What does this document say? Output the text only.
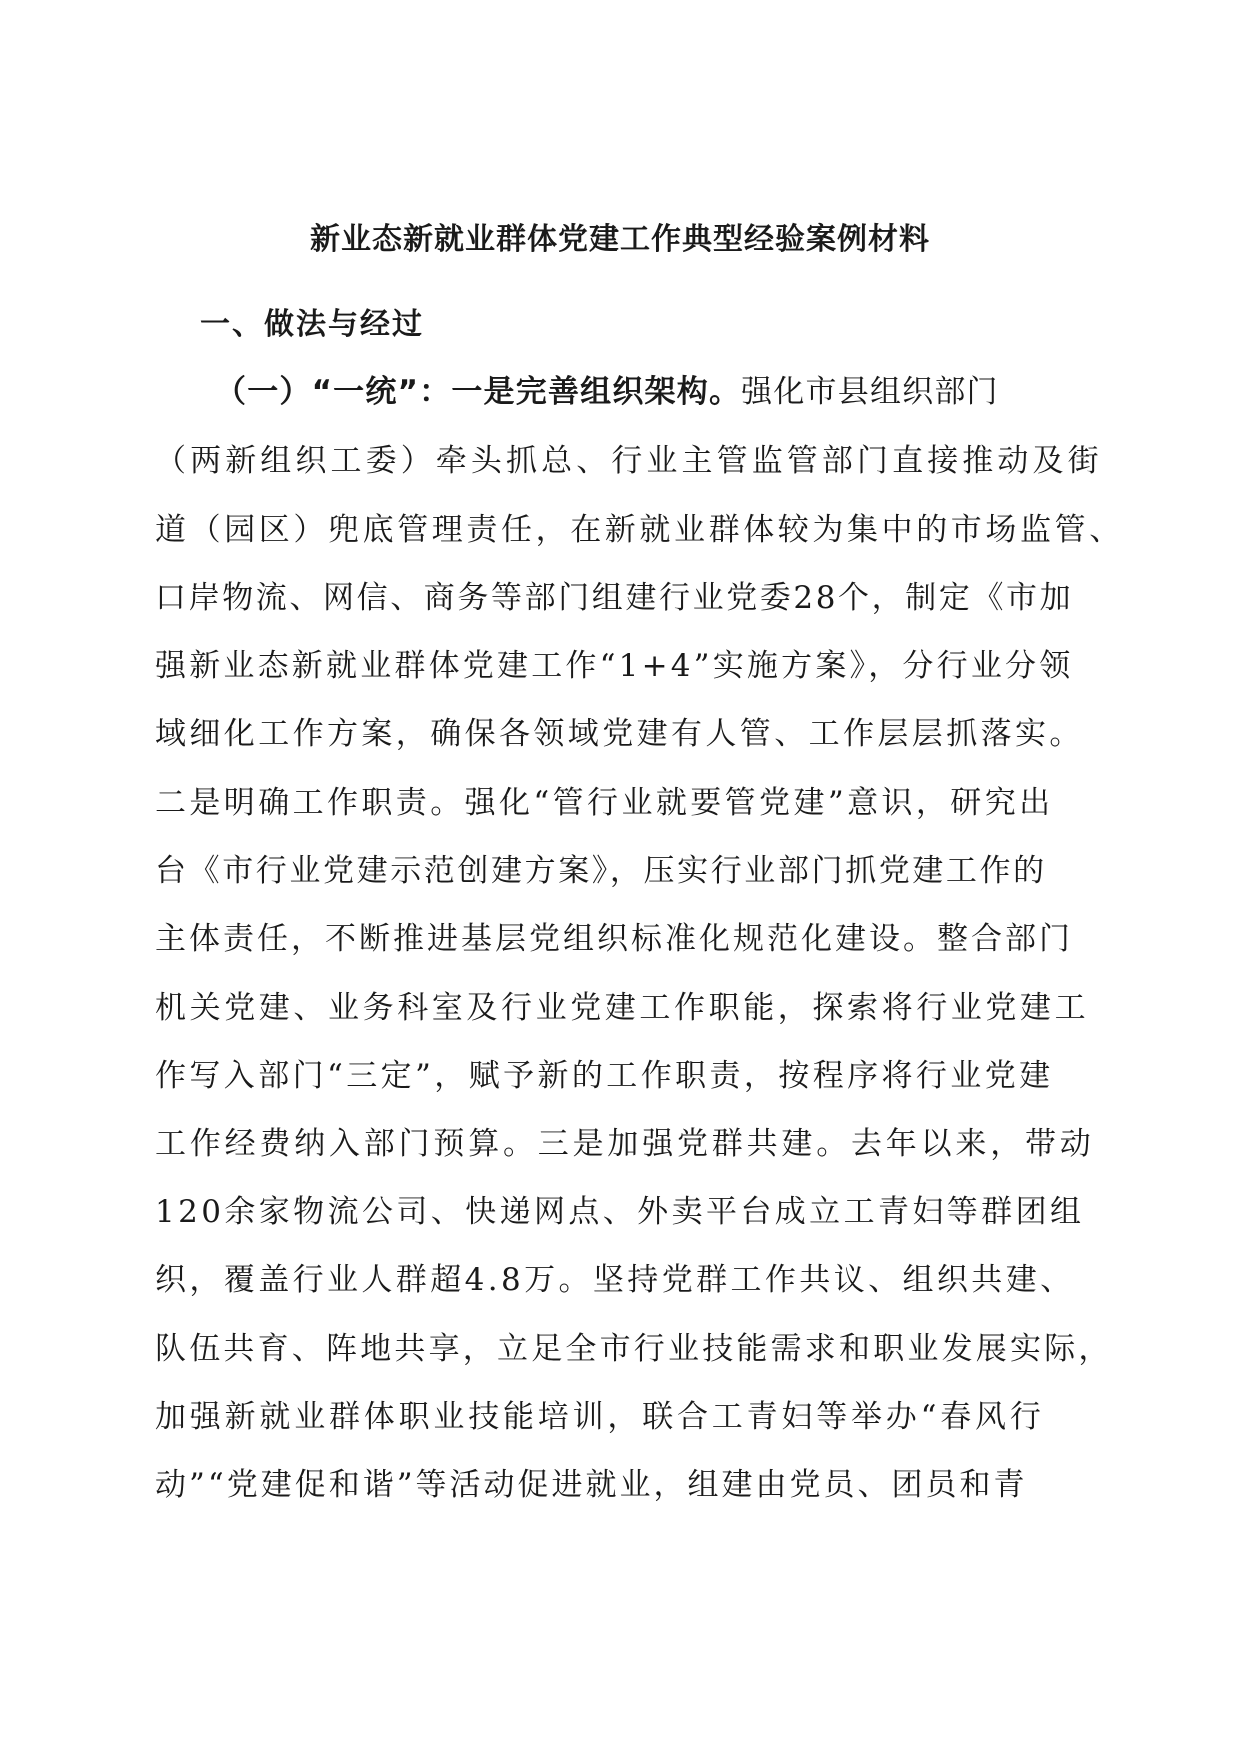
新业态新就业群体党建工作典型经验案例材料
一、做法与经过
（一）“一统”：一是完善组织架构。强化市县组织部门
（两新组织工委）牵头抓总、行业主管监管部门直接推动及街
道（园区）兜底管理责任，在新就业群体较为集中的市场监管、
口岸物流、网信、商务等部门组建行业党委28个，制定《市加
强新业态新就业群体党建工作“1+4”实施方案》，分行业分领
域细化工作方案，确保各领域党建有人管、工作层层抓落实。
二是明确工作职责。强化“管行业就要管党建”意识，研究出
台《市行业党建示范创建方案》，压实行业部门抓党建工作的
主体责任，不断推进基层党组织标准化规范化建设。整合部门
机关党建、业务科室及行业党建工作职能，探索将行业党建工
作写入部门“三定”，赋予新的工作职责，按程序将行业党建
工作经费纳入部门预算。三是加强党群共建。去年以来，带动
120余家物流公司、快递网点、外卖平台成立工青妇等群团组
织，覆盖行业人群超4.8万。坚持党群工作共议、组织共建、
队伍共育、阵地共享，立足全市行业技能需求和职业发展实际，
加强新就业群体职业技能培训，联合工青妇等举办“春风行
动”“党建促和谐”等活动促进就业，组建由党员、团员和青
